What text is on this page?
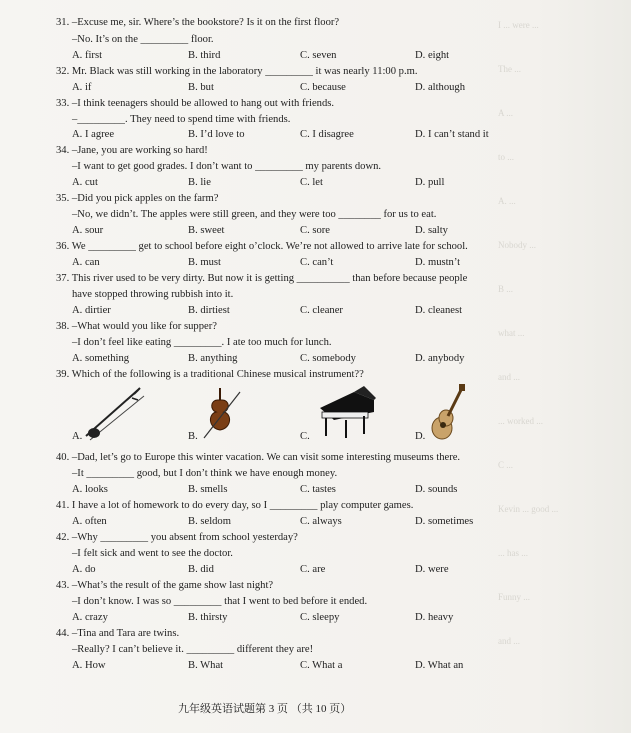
I ... were ...
The ...
A ...
to ...
A. ...
Nobody ...
B ...
what ...
and ...
... worked ...
C ...
Kevin ... good ...
... has ...
Funny ...
and ...
31. –Excuse me, sir. Where’s the bookstore? Is it on the first floor?
–No. It’s on the _________ floor.
A. first	B. third	C. seven	D. eight
32. Mr. Black was still working in the laboratory _________ it was nearly 11:00 p.m.
A. if	B. but	C. because	D. although
33. –I think teenagers should be allowed to hang out with friends.
–_________. They need to spend time with friends.
A. I agree	B. I’d love to	C. I disagree	D. I can’t stand it
34. –Jane, you are working so hard!
–I want to get good grades. I don’t want to _________ my parents down.
A. cut	B. lie	C. let	D. pull
35. –Did you pick apples on the farm?
–No, we didn’t. The apples were still green, and they were too ________ for us to eat.
A. sour	B. sweet	C. sore	D. salty
36. We _________ get to school before eight o’clock. We’re not allowed to arrive late for school.
A. can	B. must	C. can’t	D. mustn’t
37. This river used to be very dirty. But now it is getting __________ than before because people
have stopped throwing rubbish into it.
A. dirtier	B. dirtiest	C. cleaner	D. cleanest
38. –What would you like for supper?
–I don’t feel like eating _________. I ate too much for lunch.
A. something	B. anything	C. somebody	D. anybody
39. Which of the following is a traditional Chinese musical instrument??
A.	B.	C.	D.
40. –Dad, let’s go to Europe this winter vacation. We can visit some interesting museums there.
–It _________ good, but I don’t think we have enough money.
A. looks	B. smells	C. tastes	D. sounds
41. I have a lot of homework to do every day, so I _________ play computer games.
A. often	B. seldom	C. always	D. sometimes
42. –Why _________ you absent from school yesterday?
–I felt sick and went to see the doctor.
A. do	B. did	C. are	D. were
43. –What’s the result of the game show last night?
–I don’t know. I was so _________ that I went to bed before it ended.
A. crazy	B. thirsty	C. sleepy	D. heavy
44. –Tina and Tara are twins.
–Really? I can’t believe it. _________ different they are!
A. How	B. What	C. What a	D. What an
九年级英语试题第 3 页 （共 10 页）
